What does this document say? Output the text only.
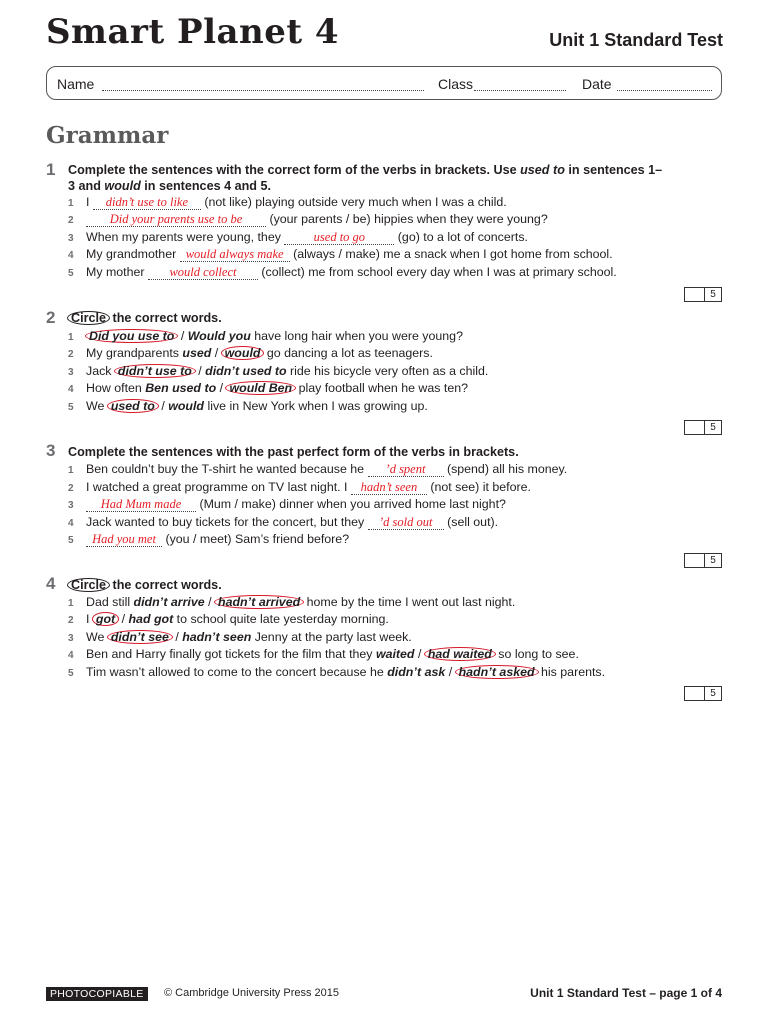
Smart Planet 4	Unit 1 Standard Test
Name	Class	Date
Grammar
1 Complete the sentences with the correct form of the verbs in brackets. Use used to in sentences 1–3 and would in sentences 4 and 5.
1 I didn’t use to like (not like) playing outside very much when I was a child.
2	Did your parents use to be (your parents / be) hippies when they were young?
3 When my parents were young, they used to go (go) to a lot of concerts.
4 My grandmother would always make (always / make) me a snack when I got home from school.
5 My mother would collect (collect) me from school every day when I was at primary school.
5
2 Circle the correct words.
1 Did you use to / Would you have long hair when you were young?
2 My grandparents used / would go dancing a lot as teenagers.
3 Jack didn’t use to / didn’t used to ride his bicycle very often as a child.
4 How often Ben used to / would Ben play football when he was ten?
5 We used to / would live in New York when I was growing up.
5
3 Complete the sentences with the past perfect form of the verbs in brackets.
1 Ben couldn’t buy the T-shirt he wanted because he ’d spent (spend) all his money.
2 I watched a great programme on TV last night. I hadn’t seen (not see) it before.
3 Had Mum made (Mum / make) dinner when you arrived home last night?
4 Jack wanted to buy tickets for the concert, but they ’d sold out (sell out).
5 Had you met (you / meet) Sam’s friend before?
5
4 Circle the correct words.
1 Dad still didn’t arrive / hadn’t arrived home by the time I went out last night.
2 I got / had got to school quite late yesterday morning.
3 We didn’t see / hadn’t seen Jenny at the party last week.
4 Ben and Harry finally got tickets for the film that they waited / had waited so long to see.
5 Tim wasn’t allowed to come to the concert because he didn’t ask / hadn’t asked his parents.
5
PHOTOCOPIABLE	© Cambridge University Press 2015	Unit 1 Standard Test – page 1 of 4
